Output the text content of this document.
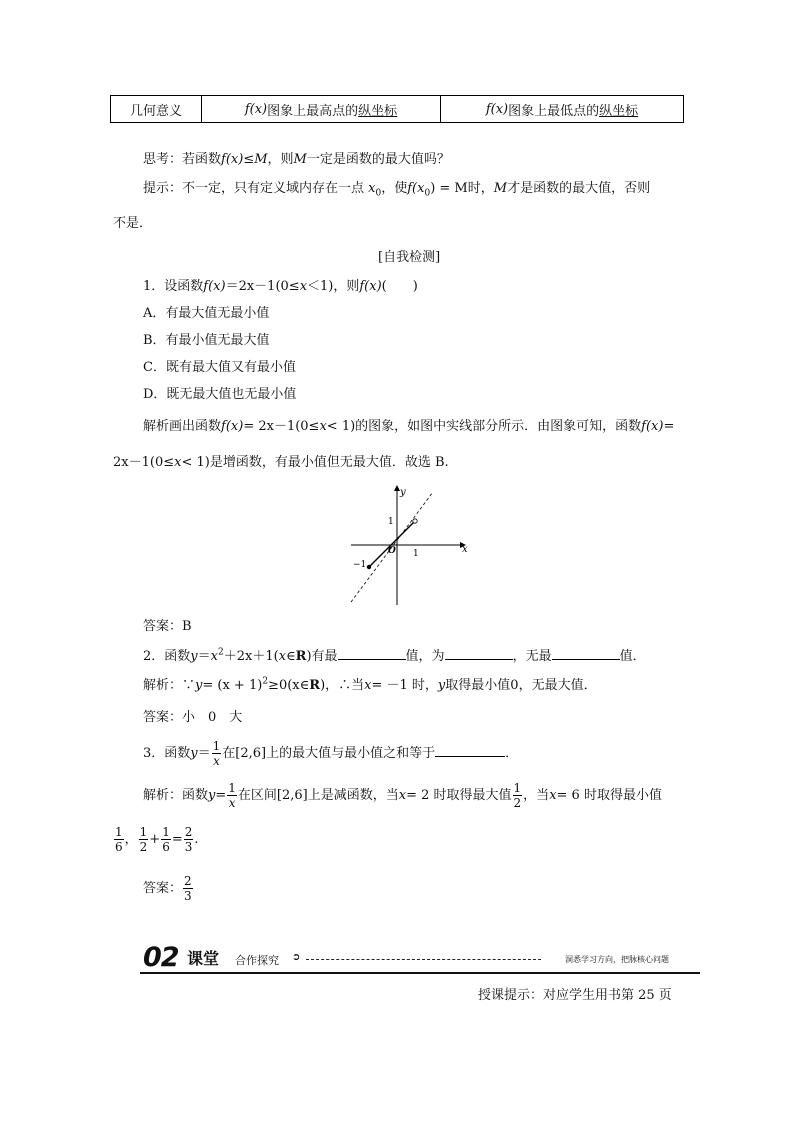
几何意义	f(x) 图象上最高点的 纵坐标	f(x) 图象上最低点的 纵坐标
思考：若函数f(x)≤M，则M一定是函数的最大值吗？
提示：不一定，只有定义域内存在一点 $x_0$，使$f(x_0) = M$时，M才是函数的最大值，否则
不是．
[自我检测]
1．设函数f(x)＝2x－1(0≤x＜1)，则f(x)(　　)
A．有最大值无最小值
B．有最小值无最大值
C．既有最大值又有最小值
D．既无最大值也无最小值
解析画出函数f(x)= 2x－1(0≤x< 1)的图象，如图中实线部分所示．由图象可知，函数f(x)=
2x－1(0≤x< 1)是增函数，有最小值但无最大值．故选 B.
y
x
O
1
1
−1
答案：B
2．函数$y=x^2+2x+1(x\in R)$有最	值，为	，无最	值．
解析：∵y= $(x + 1)^2\ge 0(x\in R)$，∴当x= －1 时，y取得最小值0，无最大值．
答案：小　0　大
3．函数$y= \frac{1}{x}$ 在[2,6]上的最大值与最小值之和等于	．
解析：函数$y= \frac{1}{x}$ 在区间[2,6]上是减函数，当x= 2 时取得最大值 $\frac{1}{2}$ ，当x= 6 时取得最小值
$\frac{1}{6}$ ， $\frac{1}{2} + \frac{1}{6} = \frac{2}{3}$ .
答案： $\frac{2}{3}$
02 课堂 合作探究 ➲	洞悉学习方向，把脉核心问题
授课提示：对应学生用书第 25 页
